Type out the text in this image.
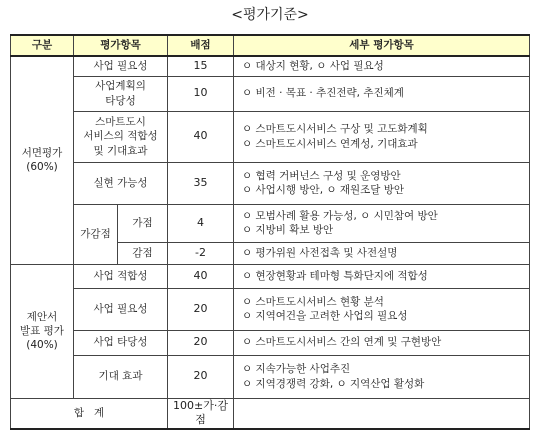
<평가기준>
구분	평가항목		배점	세부 평가항목

서면평가
(60%)	사업 필요성		15	ㅇ 대상지 현황, ㅇ 사업 필요성

	사업계획의
타당성		10	ㅇ 비전 · 목표 · 추진전략, 추진체계

	스마트도시
서비스의 적합성
및 기대효과		40	ㅇ 스마트도시서비스 구상 및 고도화계획
ㅇ 스마트도시서비스 연계성, 기대효과

	실현 가능성		35	ㅇ 협력 거버넌스 구성 및 운영방안
ㅇ 사업시행 방안, ㅇ 재원조달 방안

	가감점	가점	4	ㅇ 모범사례 활용 가능성, ㅇ 시민참여 방안
ㅇ 지방비 확보 방안

		감점	-2	ㅇ 평가위원 사전접촉 및 사전설명

제안서
발표 평가
(40%)	사업 적합성		40	ㅇ 현장현황과 테마형 특화단지에 적합성

	사업 필요성		20	ㅇ 스마트도시서비스 현황 분석
ㅇ 지역여건을 고려한 사업의 필요성

	사업 타당성		20	ㅇ 스마트도시서비스 간의 연계 및 구현방안

	기대 효과		20	ㅇ 지속가능한 사업추진
ㅇ 지역경쟁력 강화, ㅇ 지역산업 활성화

합   계			100±가·감점	
